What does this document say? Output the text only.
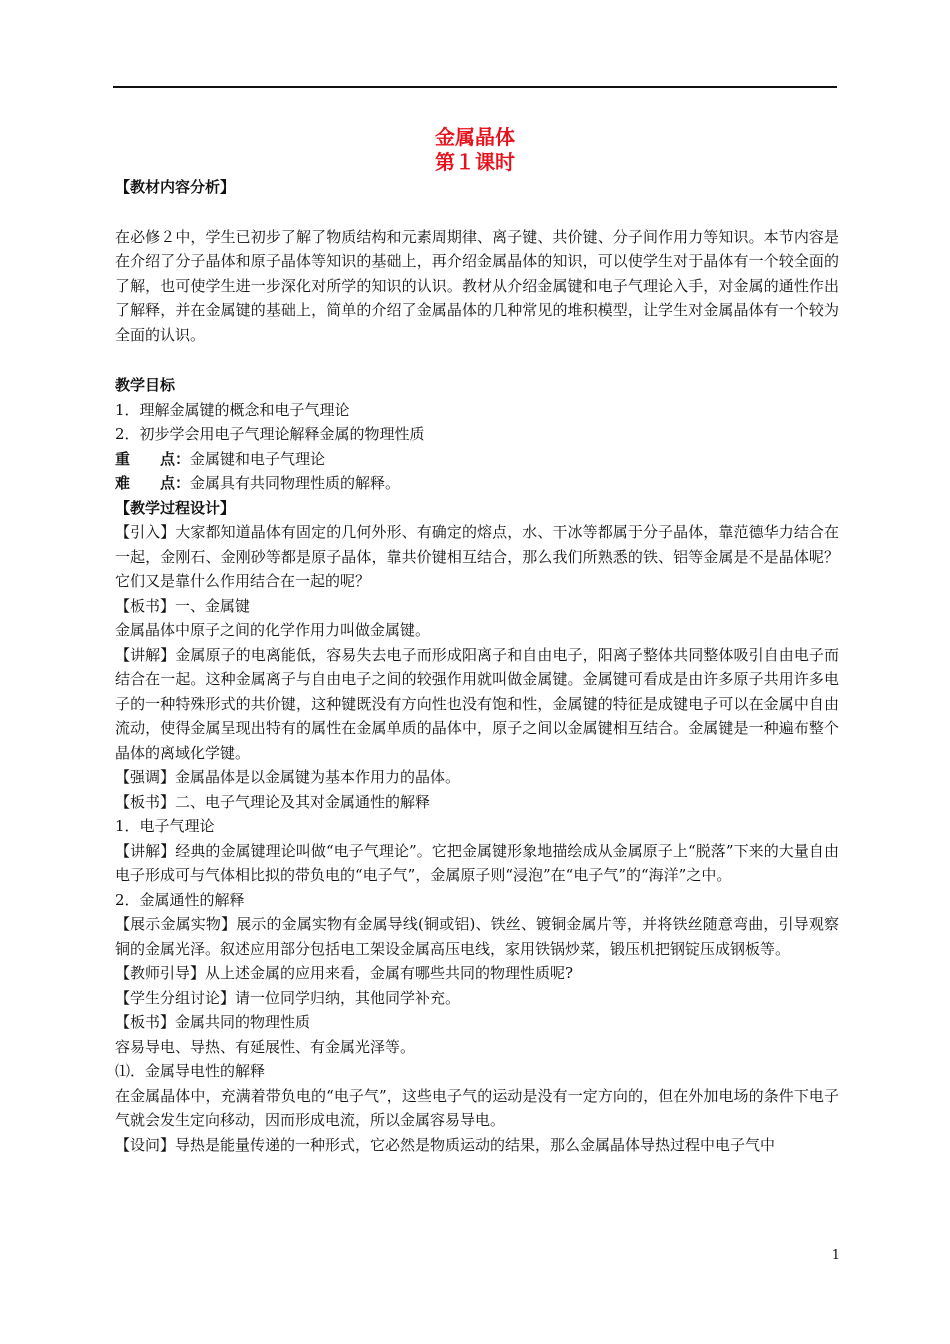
金属晶体
第１课时

【教材内容分析】

在必修２中，学生已初步了解了物质结构和元素周期律、离子键、共价键、分子间作用力等知识。本节内容是在介绍了分子晶体和原子晶体等知识的基础上，再介绍金属晶体的知识，可以使学生对于晶体有一个较全面的了解，也可使学生进一步深化对所学的知识的认识。教材从介绍金属键和电子气理论入手，对金属的通性作出了解释，并在金属键的基础上，简单的介绍了金属晶体的几种常见的堆积模型，让学生对金属晶体有一个较为全面的认识。

教学目标

1．理解金属键的概念和电子气理论

2．初步学会用电子气理论解释金属的物理性质

重　　点：金属键和电子气理论

难　　点：金属具有共同物理性质的解释。

【教学过程设计】

【引入】大家都知道晶体有固定的几何外形、有确定的熔点，水、干冰等都属于分子晶体，靠范德华力结合在一起，金刚石、金刚砂等都是原子晶体，靠共价键相互结合，那么我们所熟悉的铁、铝等金属是不是晶体呢？它们又是靠什么作用结合在一起的呢？

【板书】一、金属键

金属晶体中原子之间的化学作用力叫做金属键。

【讲解】金属原子的电离能低，容易失去电子而形成阳离子和自由电子，阳离子整体共同整体吸引自由电子而结合在一起。这种金属离子与自由电子之间的较强作用就叫做金属键。金属键可看成是由许多原子共用许多电子的一种特殊形式的共价键，这种键既没有方向性也没有饱和性，金属键的特征是成键电子可以在金属中自由流动，使得金属呈现出特有的属性在金属单质的晶体中，原子之间以金属键相互结合。金属键是一种遍布整个晶体的离域化学键。

【强调】金属晶体是以金属键为基本作用力的晶体。

【板书】二、电子气理论及其对金属通性的解释

1．电子气理论

【讲解】经典的金属键理论叫做“电子气理论”。它把金属键形象地描绘成从金属原子上“脱落”下来的大量自由电子形成可与气体相比拟的带负电的“电子气”，金属原子则“浸泡”在“电子气”的“海洋”之中。

2．金属通性的解释

【展示金属实物】展示的金属实物有金属导线(铜或铝)、铁丝、镀铜金属片等，并将铁丝随意弯曲，引导观察铜的金属光泽。叙述应用部分包括电工架设金属高压电线，家用铁锅炒菜，锻压机把钢锭压成钢板等。

【教师引导】从上述金属的应用来看，金属有哪些共同的物理性质呢?

【学生分组讨论】请一位同学归纳，其他同学补充。

【板书】金属共同的物理性质

容易导电、导热、有延展性、有金属光泽等。

⑴．金属导电性的解释

在金属晶体中，充满着带负电的“电子气”，这些电子气的运动是没有一定方向的，但在外加电场的条件下电子气就会发生定向移动，因而形成电流，所以金属容易导电。

【设问】导热是能量传递的一种形式，它必然是物质运动的结果，那么金属晶体导热过程中电子气中

1
